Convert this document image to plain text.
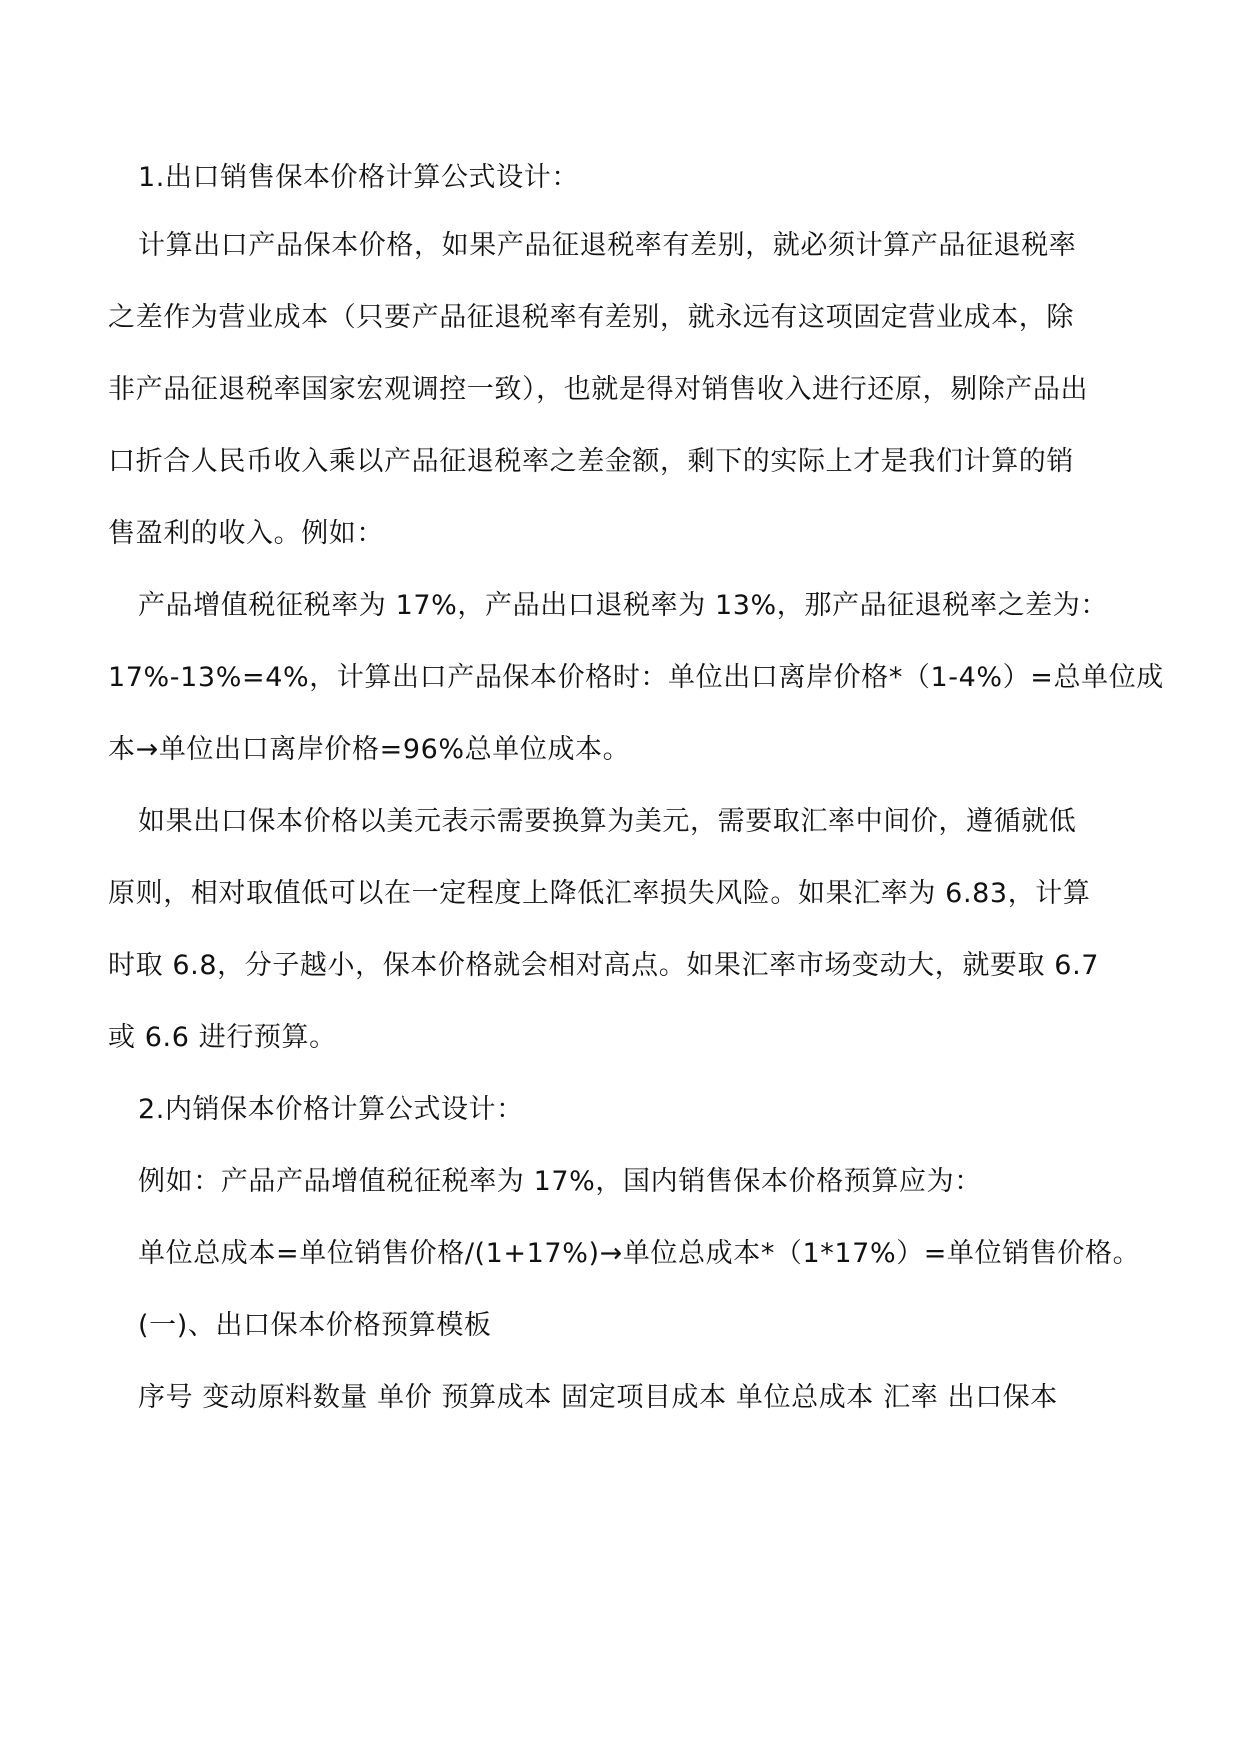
1.出口销售保本价格计算公式设计：
计算出口产品保本价格，如果产品征退税率有差别，就必须计算产品征退税率
之差作为营业成本（只要产品征退税率有差别，就永远有这项固定营业成本，除
非产品征退税率国家宏观调控一致），也就是得对销售收入进行还原，剔除产品出
口折合人民币收入乘以产品征退税率之差金额，剩下的实际上才是我们计算的销
售盈利的收入。例如：
产品增值税征税率为 17%，产品出口退税率为 13%，那产品征退税率之差为：
17%-13%=4%，计算出口产品保本价格时：单位出口离岸价格*（1-4%）=总单位成
本→单位出口离岸价格=96%总单位成本。
如果出口保本价格以美元表示需要换算为美元，需要取汇率中间价，遵循就低
原则，相对取值低可以在一定程度上降低汇率损失风险。如果汇率为 6.83，计算
时取 6.8，分子越小，保本价格就会相对高点。如果汇率市场变动大，就要取 6.7
或 6.6 进行预算。
2.内销保本价格计算公式设计：
例如：产品产品增值税征税率为 17%，国内销售保本价格预算应为：
单位总成本=单位销售价格/(1+17%)→单位总成本*（1*17%）=单位销售价格。
(一)、出口保本价格预算模板
序号 变动原料数量 单价 预算成本 固定项目成本 单位总成本 汇率 出口保本
